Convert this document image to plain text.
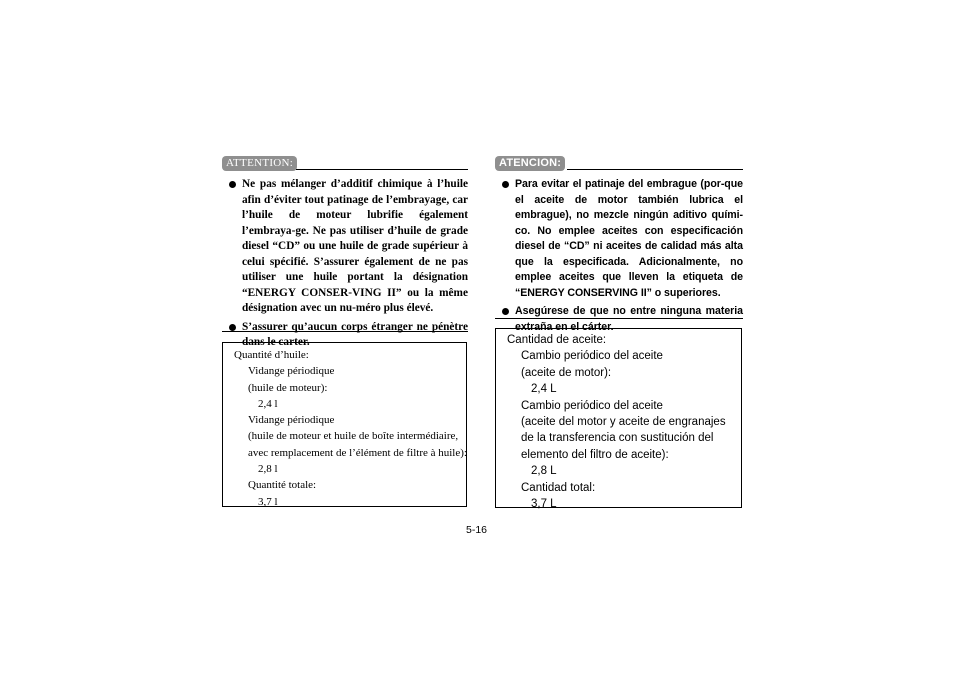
ATTENTION:
Ne pas mélanger d’additif chimique à l’huile afin d’éviter tout patinage de l’embrayage, car l’huile de moteur lubrifie également l’embraya-ge. Ne pas utiliser d’huile de grade diesel “CD” ou une huile de grade supérieur à celui spécifié. S’assurer également de ne pas utiliser une huile portant la désignation “ENERGY CONSER-VING II” ou la même désignation avec un nu-méro plus élevé.
S’assurer qu’aucun corps étranger ne pénètre dans le carter.
Quantité d’huile:
Vidange périodique
(huile de moteur):
2,4 l
Vidange périodique
(huile de moteur et huile de boîte intermédiaire,
avec remplacement de l’élément de filtre à huile):
2,8 l
Quantité totale:
3,7 l
ATENCION:
Para evitar el patinaje del embrague (por-que el aceite de motor también lubrica el embrague), no mezcle ningún aditivo quími-co. No emplee aceites con especificación diesel de “CD” ni aceites de calidad más alta que la especificada. Adicionalmente, no emplee aceites que lleven la etiqueta de “ENERGY CONSERVING II” o superiores.
Asegúrese de que no entre ninguna materia extraña en el cárter.
Cantidad de aceite:
Cambio periódico del aceite
(aceite de motor):
2,4 L
Cambio periódico del aceite
(aceite del motor y aceite de engranajes de la transferencia con sustitución del elemento del filtro de aceite):
2,8 L
Cantidad total:
3,7 L
5-16
